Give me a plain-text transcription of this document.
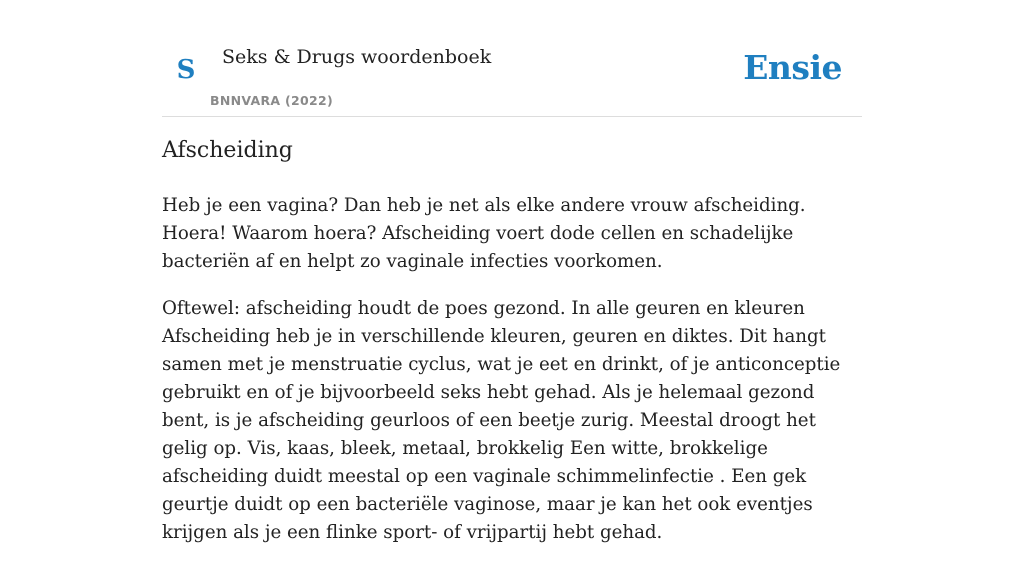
S Seks & Drugs woordenboek
BNNVARA (2022)
Ensie
Afscheiding

Heb je een vagina? Dan heb je net als elke andere vrouw afscheiding. Hoera! Waarom hoera? Afscheiding voert dode cellen en schadelijke bacteriën af en helpt zo vaginale infecties voorkomen.

Oftewel: afscheiding houdt de poes gezond. In alle geuren en kleuren Afscheiding heb je in verschillende kleuren, geuren en diktes. Dit hangt samen met je menstruatie cyclus, wat je eet en drinkt, of je anticonceptie gebruikt en of je bijvoorbeeld seks hebt gehad. Als je helemaal gezond bent, is je afscheiding geurloos of een beetje zurig. Meestal droogt het gelig op. Vis, kaas, bleek, metaal, brokkelig Een witte, brokkelige afscheiding duidt meestal op een vaginale schimmelinfectie . Een gek geurtje duidt op een bacteriële vaginose, maar je kan het ook eventjes krijgen als je een flinke sport- of vrijpartij hebt gehad.
